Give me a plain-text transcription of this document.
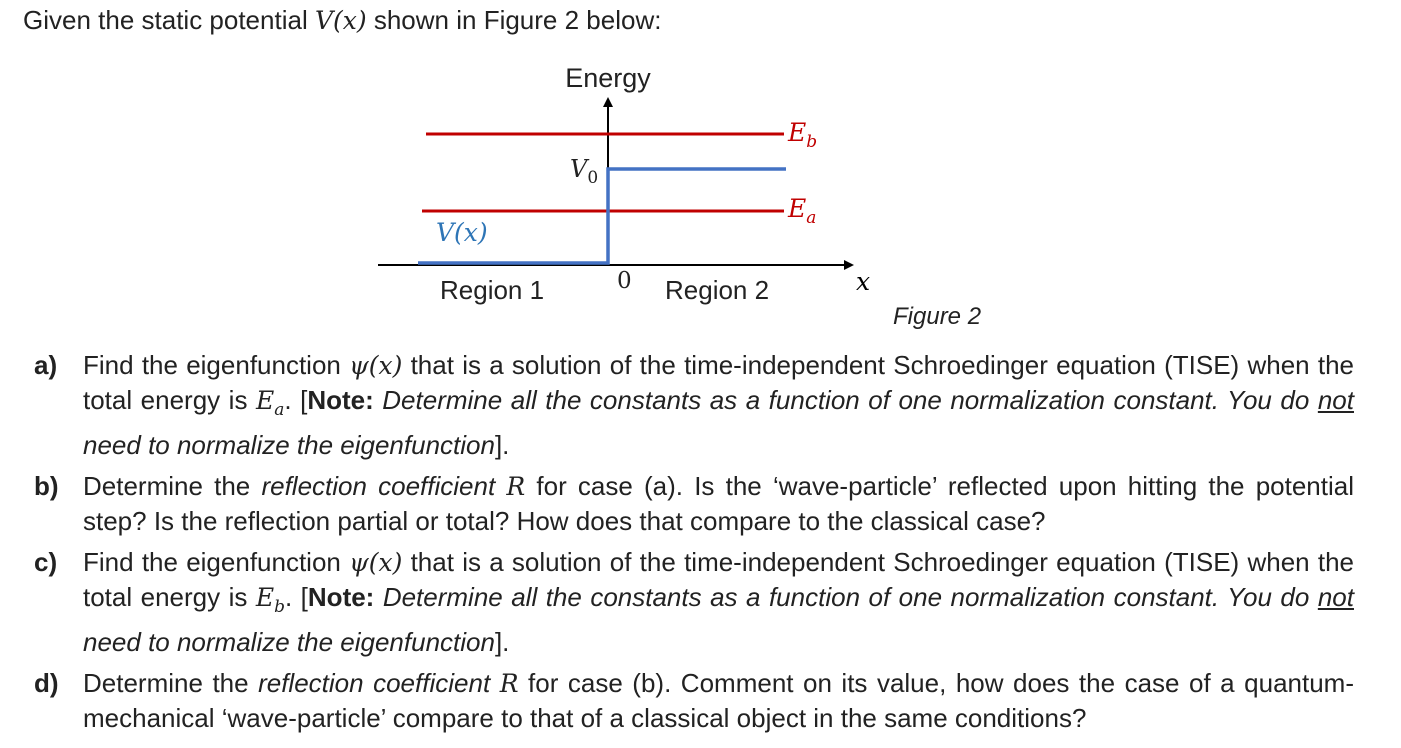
Given the static potential V(x) shown in Figure 2 below:
Energy
x
$E_b$
$E_a$
$V_0$
V(x)
0
Region 1	Region 2
Figure 2
a) Find the eigenfunction ψ(x) that is a solution of the time-independent Schroedinger equation (TISE) when the total energy is $E_a$. [Note: Determine all the constants as a function of one normalization constant. You do not need to normalize the eigenfunction].
b) Determine the reflection coefficient R for case (a). Is the ‘wave-particle’ reflected upon hitting the potential step? Is the reflection partial or total? How does that compare to the classical case?
c) Find the eigenfunction ψ(x) that is a solution of the time-independent Schroedinger equation (TISE) when the total energy is $E_b$. [Note: Determine all the constants as a function of one normalization constant. You do not need to normalize the eigenfunction].
d) Determine the reflection coefficient R for case (b). Comment on its value, how does the case of a quantum-mechanical ‘wave-particle’ compare to that of a classical object in the same conditions?
